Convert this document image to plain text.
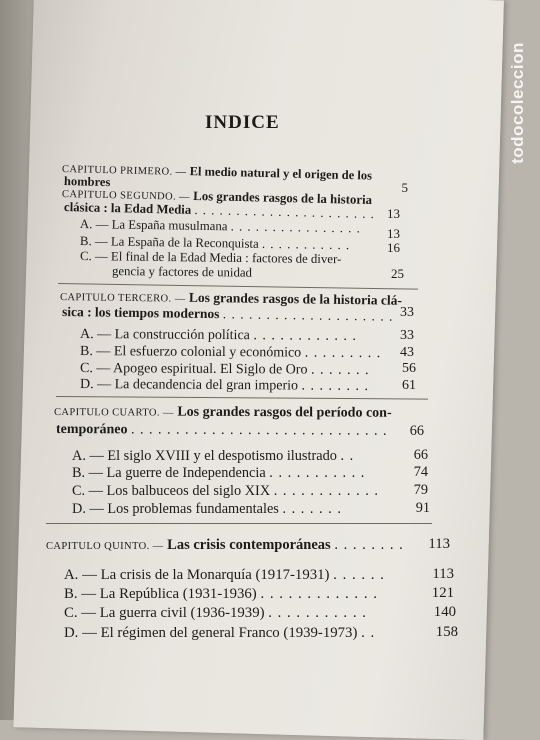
todocoleccion
INDICE
CAPITULO PRIMERO. — El medio natural y el origen de los
hombres	5
CAPITULO SEGUNDO. — Los grandes rasgos de la historia
clásica : la Edad Media . . . . . . . . . . . . . . . . . . . . . . 13
A. — La España musulmana . . . . . . . . . . . . . . . .	13
B. — La España de la Reconquista . . . . . . . . . . .	16
C. — El final de la Edad Media : factores de diver-
gencia y factores de unidad	25
CAPITULO TERCERO. — Los grandes rasgos de la historia clá-
sica : los tiempos modernos . . . . . . . . . . . . . . . . . . . . 33
A. — La construcción política . . . . . . . . . . . .	33
B. — El esfuerzo colonial y económico . . . . . . . . .	43
C. — Apogeo espiritual. El Siglo de Oro . . . . . . .	56
D. — La decandencia del gran imperio . . . . . . . .	61
CAPITULO CUARTO. — Los grandes rasgos del período con-
temporáneo . . . . . . . . . . . . . . . . . . . . . . . . . . . . .	66
A. — El siglo XVIII y el despotismo ilustrado . .	66
B. — La guerre de Independencia . . . . . . . . . . .	74
C. — Los balbuceos del siglo XIX . . . . . . . . . . . .	79
D. — Los problemas fundamentales . . . . . . .	91
CAPITULO QUINTO. — Las crisis contemporáneas . . . . . . . .	113
A. — La crisis de la Monarquía (1917-1931) . . . . . .	113
B. — La República (1931-1936) . . . . . . . . . . . . .	121
C. — La guerra civil (1936-1939) . . . . . . . . . . .	140
D. — El régimen del general Franco (1939-1973) . .	158
